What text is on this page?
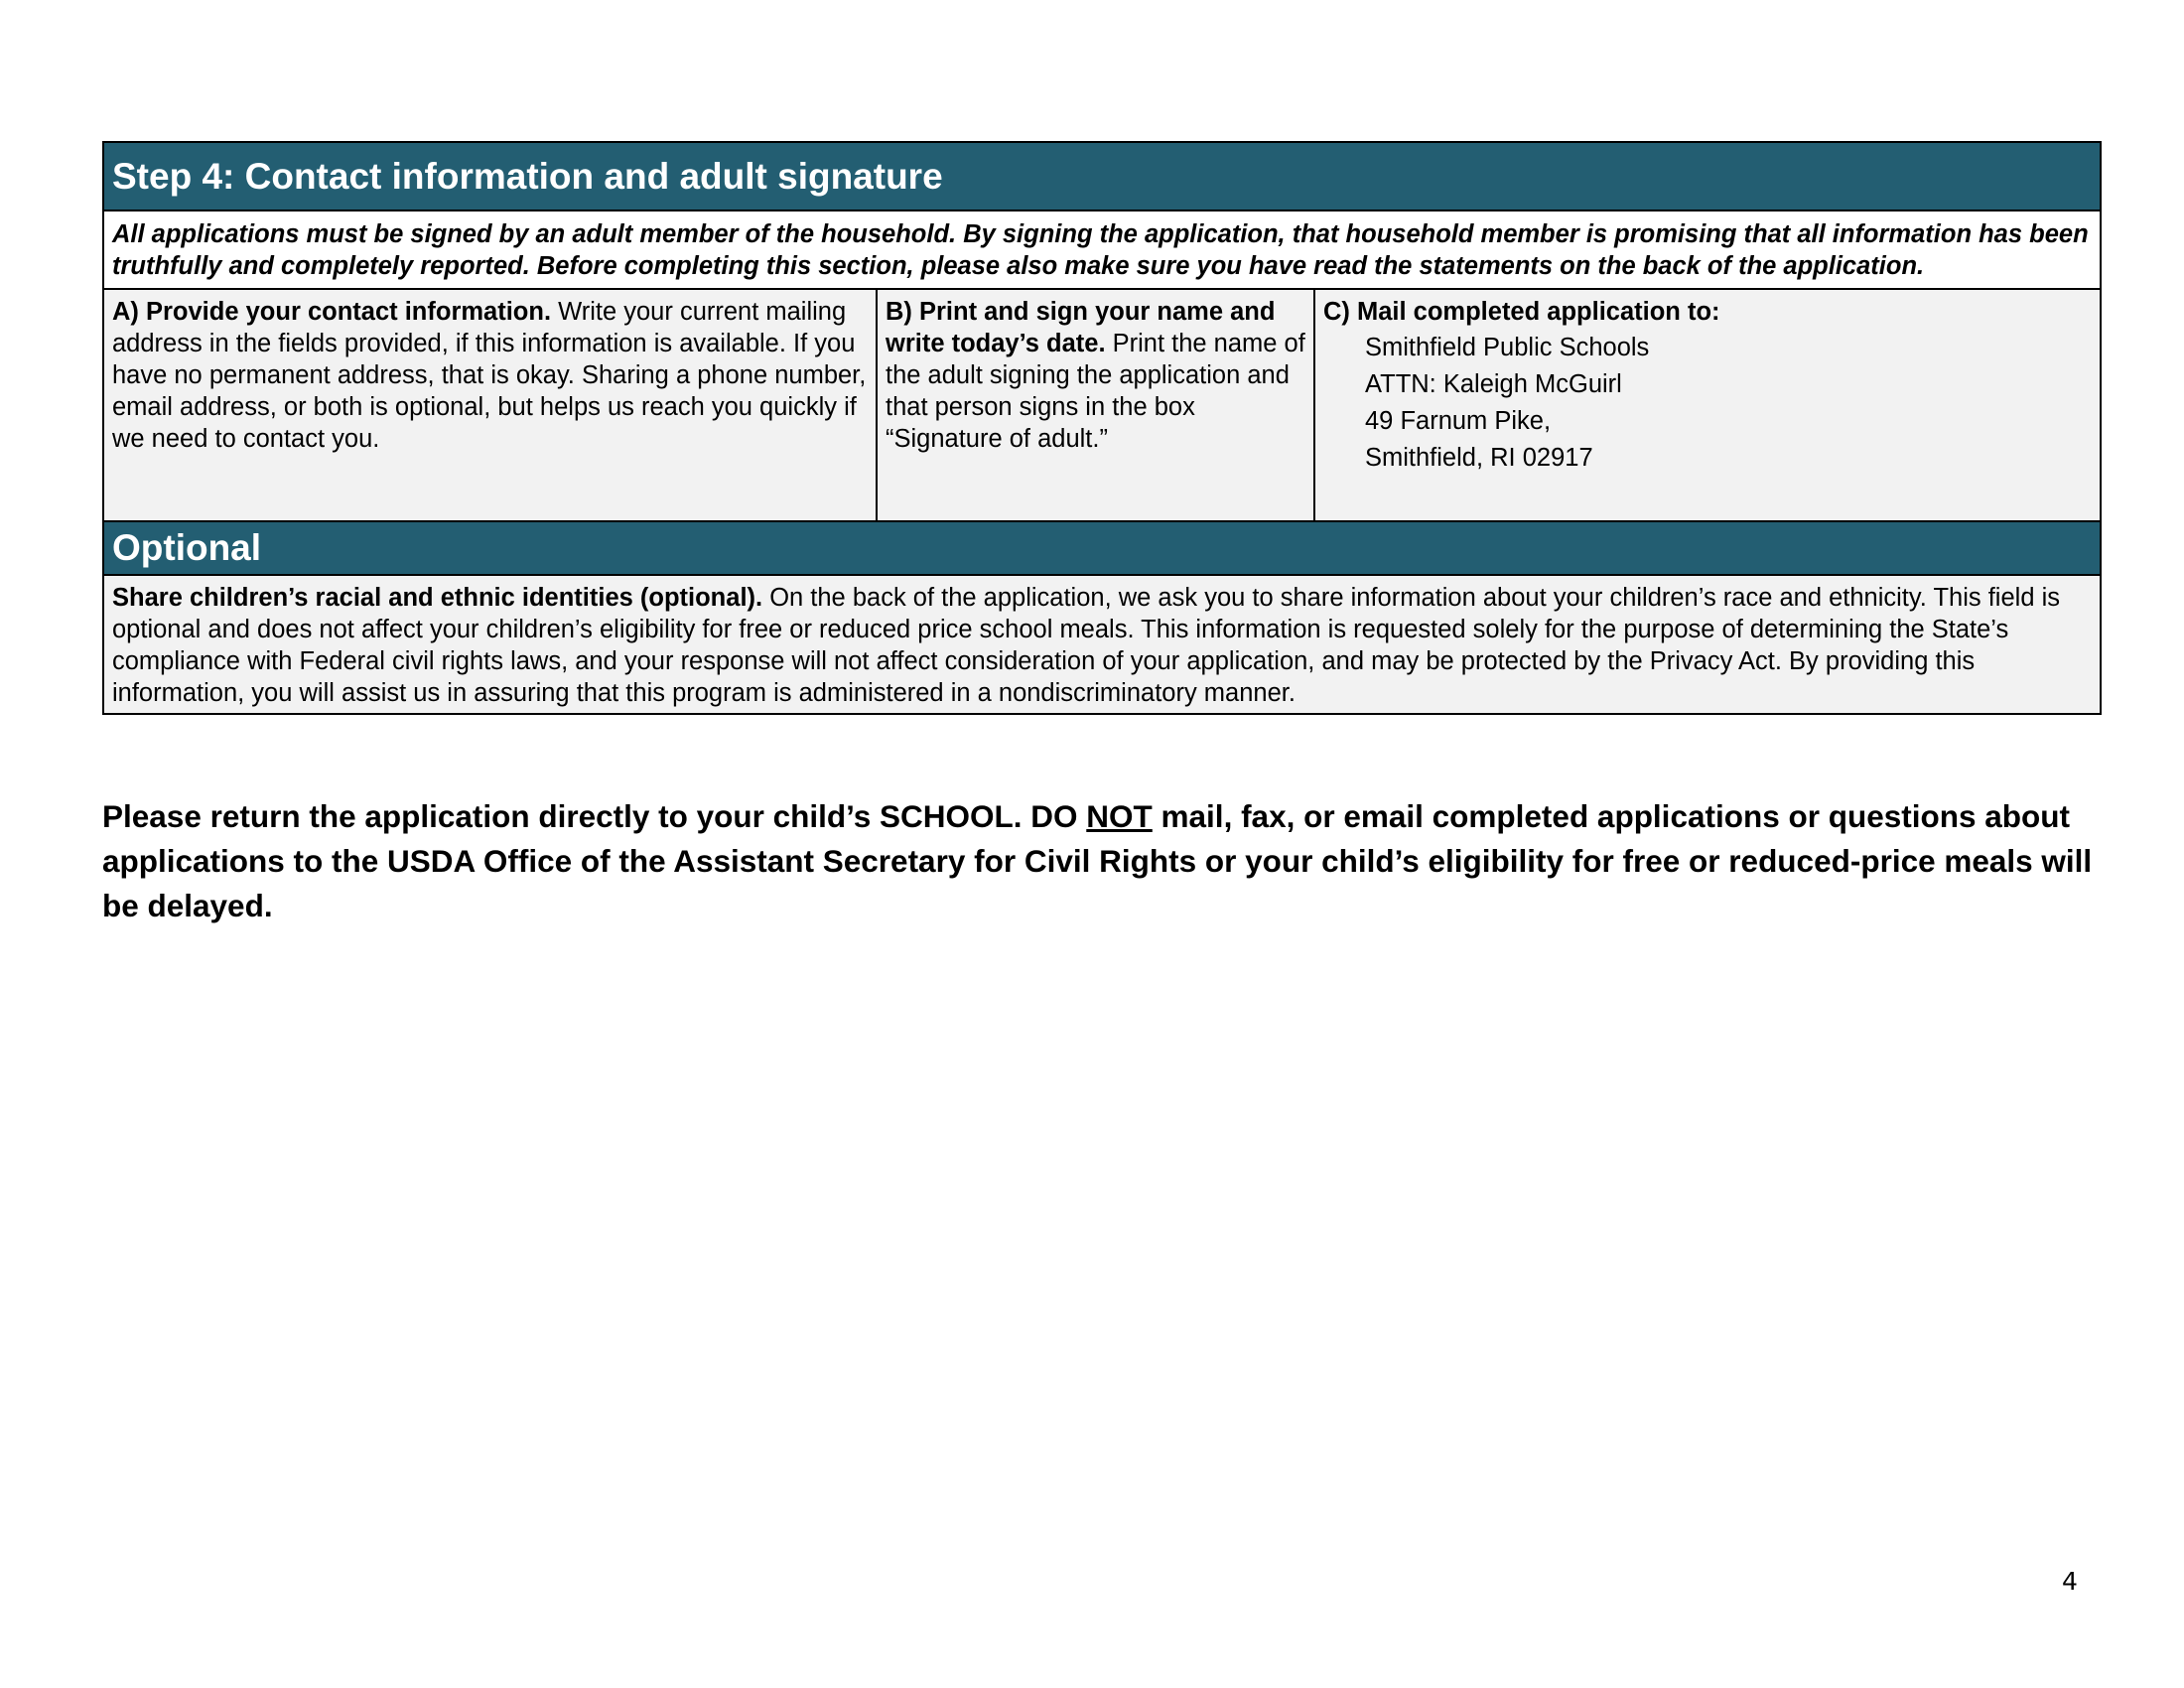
Step 4: Contact information and adult signature
All applications must be signed by an adult member of the household. By signing the application, that household member is promising that all information has been truthfully and completely reported. Before completing this section, please also make sure you have read the statements on the back of the application.
A) Provide your contact information. Write your current mailing address in the fields provided, if this information is available. If you have no permanent address, that is okay. Sharing a phone number, email address, or both is optional, but helps us reach you quickly if we need to contact you.
B) Print and sign your name and write today’s date. Print the name of the adult signing the application and that person signs in the box “Signature of adult.”
C) Mail completed application to:
Smithfield Public Schools
ATTN: Kaleigh McGuirl
49 Farnum Pike,
Smithfield, RI 02917
Optional
Share children’s racial and ethnic identities (optional). On the back of the application, we ask you to share information about your children’s race and ethnicity. This field is optional and does not affect your children’s eligibility for free or reduced price school meals. This information is requested solely for the purpose of determining the State’s compliance with Federal civil rights laws, and your response will not affect consideration of your application, and may be protected by the Privacy Act. By providing this information, you will assist us in assuring that this program is administered in a nondiscriminatory manner.
Please return the application directly to your child’s SCHOOL. DO NOT mail, fax, or email completed applications or questions about applications to the USDA Office of the Assistant Secretary for Civil Rights or your child’s eligibility for free or reduced-price meals will be delayed.
4
